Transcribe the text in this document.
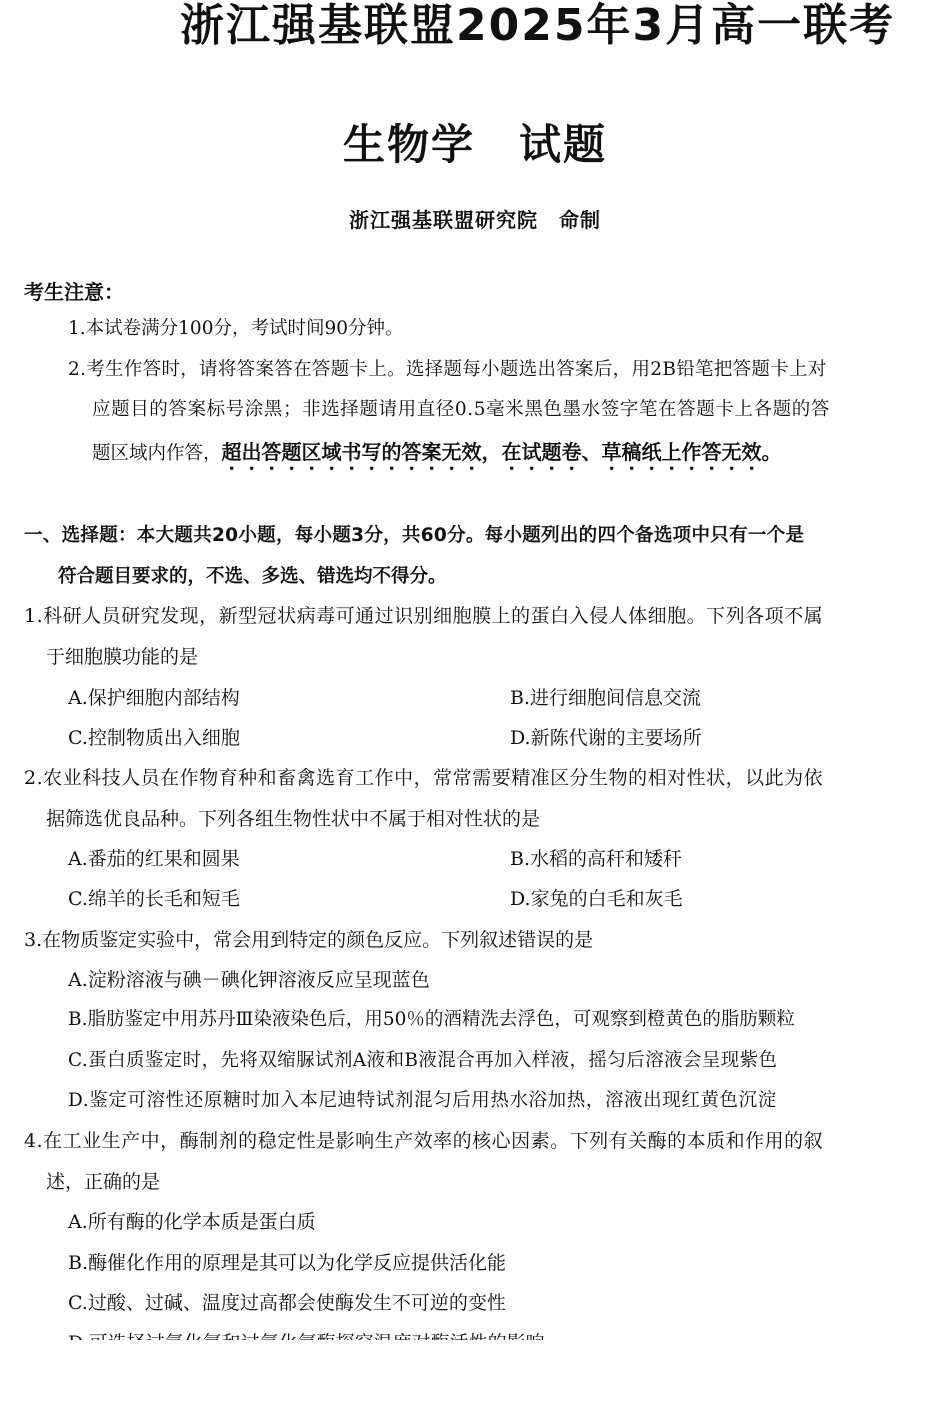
浙江强基联盟2025年3月高一联考
生物学　试题
浙江强基联盟研究院　命制
考生注意：
1.本试卷满分100分，考试时间90分钟。
2.考生作答时，请将答案答在答题卡上。选择题每小题选出答案后，用2B铅笔把答题卡上对
应题目的答案标号涂黑；非选择题请用直径0.5毫米黑色墨水签字笔在答题卡上各题的答
题区域内作答，超出答题区域书写的答案无效，在试题卷、草稿纸上作答无效。
一、选择题：本大题共20小题，每小题3分，共60分。每小题列出的四个备选项中只有一个是
符合题目要求的，不选、多选、错选均不得分。
1.科研人员研究发现，新型冠状病毒可通过识别细胞膜上的蛋白入侵人体细胞。下列各项不属
于细胞膜功能的是
A.保护细胞内部结构	B.进行细胞间信息交流
C.控制物质出入细胞	D.新陈代谢的主要场所
2.农业科技人员在作物育种和畜禽选育工作中，常常需要精准区分生物的相对性状，以此为依
据筛选优良品种。下列各组生物性状中不属于相对性状的是
A.番茄的红果和圆果	B.水稻的高秆和矮秆
C.绵羊的长毛和短毛	D.家兔的白毛和灰毛
3.在物质鉴定实验中，常会用到特定的颜色反应。下列叙述错误的是
A.淀粉溶液与碘－碘化钾溶液反应呈现蓝色
B.脂肪鉴定中用苏丹Ⅲ染液染色后，用50％的酒精洗去浮色，可观察到橙黄色的脂肪颗粒
C.蛋白质鉴定时，先将双缩脲试剂A液和B液混合再加入样液，摇匀后溶液会呈现紫色
D.鉴定可溶性还原糖时加入本尼迪特试剂混匀后用热水浴加热，溶液出现红黄色沉淀
4.在工业生产中，酶制剂的稳定性是影响生产效率的核心因素。下列有关酶的本质和作用的叙
述，正确的是
A.所有酶的化学本质是蛋白质
B.酶催化作用的原理是其可以为化学反应提供活化能
C.过酸、过碱、温度过高都会使酶发生不可逆的变性
